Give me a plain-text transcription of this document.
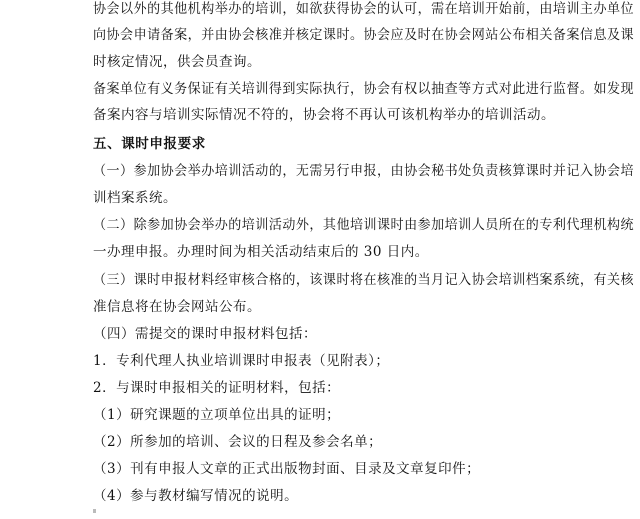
协会以外的其他机构举办的培训，如欲获得协会的认可，需在培训开始前，由培训主办单位
向协会申请备案，并由协会核准并核定课时。协会应及时在协会网站公布相关备案信息及课
时核定情况，供会员查询。
备案单位有义务保证有关培训得到实际执行，协会有权以抽查等方式对此进行监督。如发现
备案内容与培训实际情况不符的，协会将不再认可该机构举办的培训活动。
五、课时申报要求
（一）参加协会举办培训活动的，无需另行申报，由协会秘书处负责核算课时并记入协会培
训档案系统。
（二）除参加协会举办的培训活动外，其他培训课时由参加培训人员所在的专利代理机构统
一办理申报。办理时间为相关活动结束后的 30 日内。
（三）课时申报材料经审核合格的，该课时将在核准的当月记入协会培训档案系统，有关核
准信息将在协会网站公布。
（四）需提交的课时申报材料包括：
1．专利代理人执业培训课时申报表（见附表）；
2．与课时申报相关的证明材料，包括：
（1）研究课题的立项单位出具的证明；
（2）所参加的培训、会议的日程及参会名单；
（3）刊有申报人文章的正式出版物封面、目录及文章复印件；
（4）参与教材编写情况的说明。
